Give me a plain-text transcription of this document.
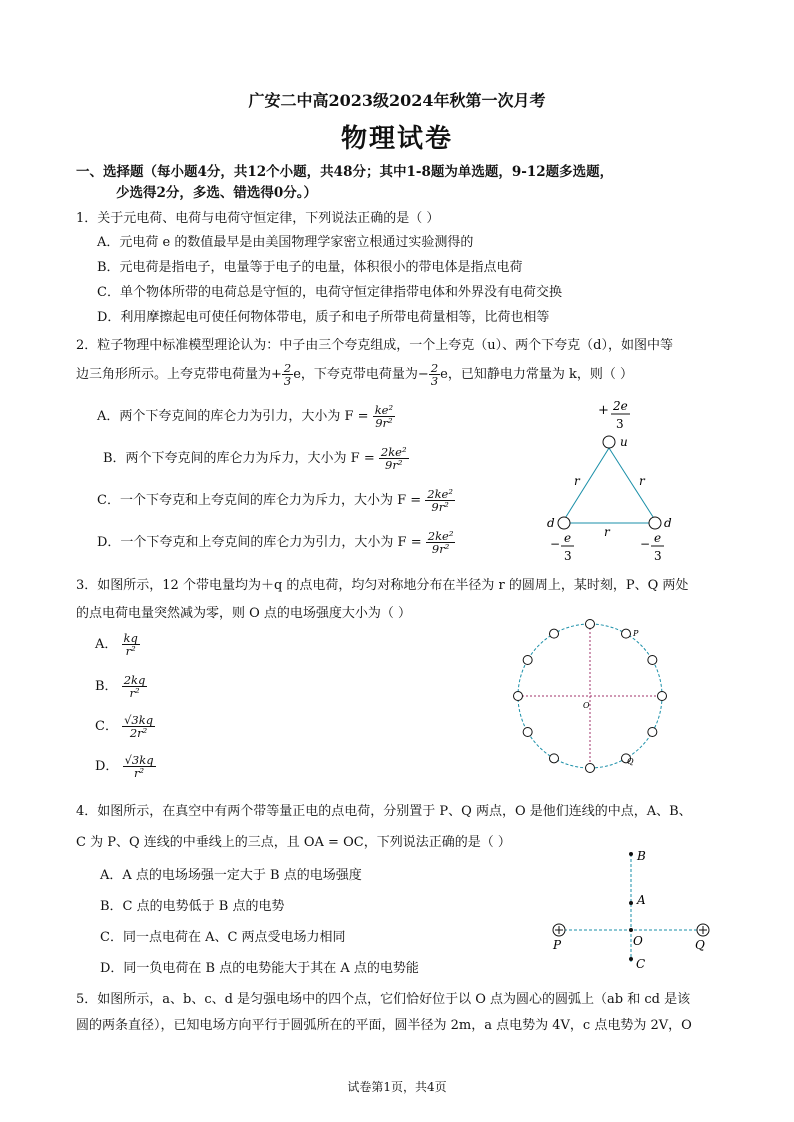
广安二中高2023级2024年秋第一次月考
物理试卷
一、选择题（每小题4分，共12个小题，共48分；其中1-8题为单选题，9-12题多选题，
少选得2分，多选、错选得0分。）
1．关于元电荷、电荷与电荷守恒定律，下列说法正确的是（ ）
A．元电荷 e 的数值最早是由美国物理学家密立根通过实验测得的
B．元电荷是指电子，电量等于电子的电量，体积很小的带电体是指点电荷
C．单个物体所带的电荷总是守恒的，电荷守恒定律指带电体和外界没有电荷交换
D．利用摩擦起电可使任何物体带电，质子和电子所带电荷量相等，比荷也相等
2．粒子物理中标准模型理论认为：中子由三个夸克组成，一个上夸克（u）、两个下夸克（d），如图中等
边三角形所示。上夸克带电荷量为+ $\frac{2}{3}$ e，下夸克带电荷量为− $\frac{2}{3}$ e，已知静电力常量为 k，则（ ）
A．两个下夸克间的库仑力为引力，大小为 $F = \frac{\text{ke²}}{\text{9r²}}$
B．两个下夸克间的库仑力为斥力，大小为 $F = \frac{\text{2ke²}}{\text{9r²}}$
C．一个下夸克和上夸克间的库仑力为斥力，大小为 $F = \frac{\text{2ke²}}{\text{9r²}}$
D．一个下夸克和上夸克间的库仑力为引力，大小为 $F = \frac{\text{2ke²}}{\text{9r²}}$
+ 2e
3
u
r	r
d	d
r
− e
3
− e
3
3．如图所示，12 个带电量均为＋q 的点电荷，均匀对称地分布在半径为 r 的圆周上，某时刻，P、Q 两处
的点电荷电量突然减为零，则 O 点的电场强度大小为（ ）
A． $\frac{kq}{\text{r²}}$
B． $\frac{2kq}{\text{r²}}$
C． $\frac{√3kq}{\text{2r²}}$
D． $\frac{√3kq}{\text{r²}}$
O
P
Q
4．如图所示，在真空中有两个带等量正电的点电荷，分别置于 P、Q 两点，O 是他们连线的中点，A、B、
C 为 P、Q 连线的中垂线上的三点，且 OA = OC，下列说法正确的是（ ）
A．A 点的电场场强一定大于 B 点的电场强度
B．C 点的电势低于 B 点的电势
C．同一点电荷在 A、C 两点受电场力相同
D．同一负电荷在 B 点的电势能大于其在 A 点的电势能
B
A
O
C
P	Q
5．如图所示，a、b、c、d 是匀强电场中的四个点，它们恰好位于以 O 点为圆心的圆弧上（ab 和 cd 是该
圆的两条直径），已知电场方向平行于圆弧所在的平面，圆半径为 2m，a 点电势为 4V，c 点电势为 2V，O
试卷第1页，共4页
